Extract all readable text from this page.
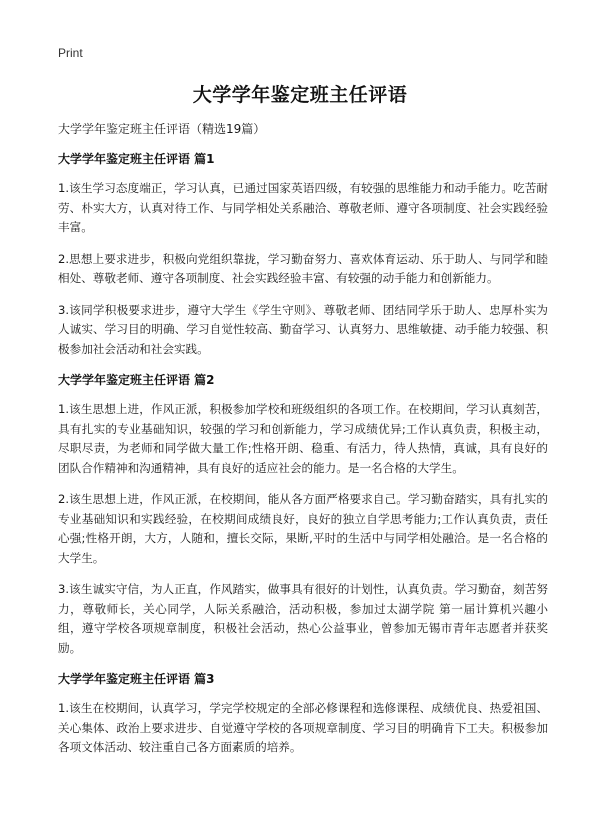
Print
大学学年鉴定班主任评语

大学学年鉴定班主任评语（精选19篇）

大学学年鉴定班主任评语 篇1

1.该生学习态度端正，学习认真，已通过国家英语四级，有较强的思维能力和动手能力。吃苦耐劳、朴实大方，认真对待工作、与同学相处关系融洽、尊敬老师、遵守各项制度、社会实践经验丰富。

2.思想上要求进步，积极向党组织靠拢，学习勤奋努力、喜欢体育运动、乐于助人、与同学和睦相处、尊敬老师、遵守各项制度、社会实践经验丰富、有较强的动手能力和创新能力。

3.该同学积极要求进步，遵守大学生《学生守则》、尊敬老师、团结同学乐于助人、忠厚朴实为人诚实、学习目的明确、学习自觉性较高、勤奋学习、认真努力、思维敏捷、动手能力较强、积极参加社会活动和社会实践。

大学学年鉴定班主任评语 篇2

1.该生思想上进，作风正派，积极参加学校和班级组织的各项工作。在校期间，学习认真刻苦，具有扎实的专业基础知识，较强的学习和创新能力，学习成绩优异;工作认真负责，积极主动，尽职尽责，为老师和同学做大量工作;性格开朗、稳重、有活力，待人热情，真诚，具有良好的团队合作精神和沟通精神，具有良好的适应社会的能力。是一名合格的大学生。

2.该生思想上进，作风正派，在校期间，能从各方面严格要求自己。学习勤奋踏实，具有扎实的专业基础知识和实践经验，在校期间成绩良好，良好的独立自学思考能力;工作认真负责，责任心强;性格开朗，大方，人随和，擅长交际，果断,平时的生活中与同学相处融洽。是一名合格的大学生。

3.该生诚实守信，为人正直，作风踏实，做事具有很好的计划性，认真负责。学习勤奋，刻苦努力，尊敬师长，关心同学，人际关系融洽，活动积极，参加过太湖学院 第一届计算机兴趣小组，遵守学校各项规章制度，积极社会活动，热心公益事业，曾参加无锡市青年志愿者并获奖励。

大学学年鉴定班主任评语 篇3

1.该生在校期间，认真学习，学完学校规定的全部必修课程和选修课程、成绩优良、热爱祖国、关心集体、政治上要求进步、自觉遵守学校的各项规章制度、学习目的明确肯下工夫。积极参加各项文体活动、较注重自己各方面素质的培养。
